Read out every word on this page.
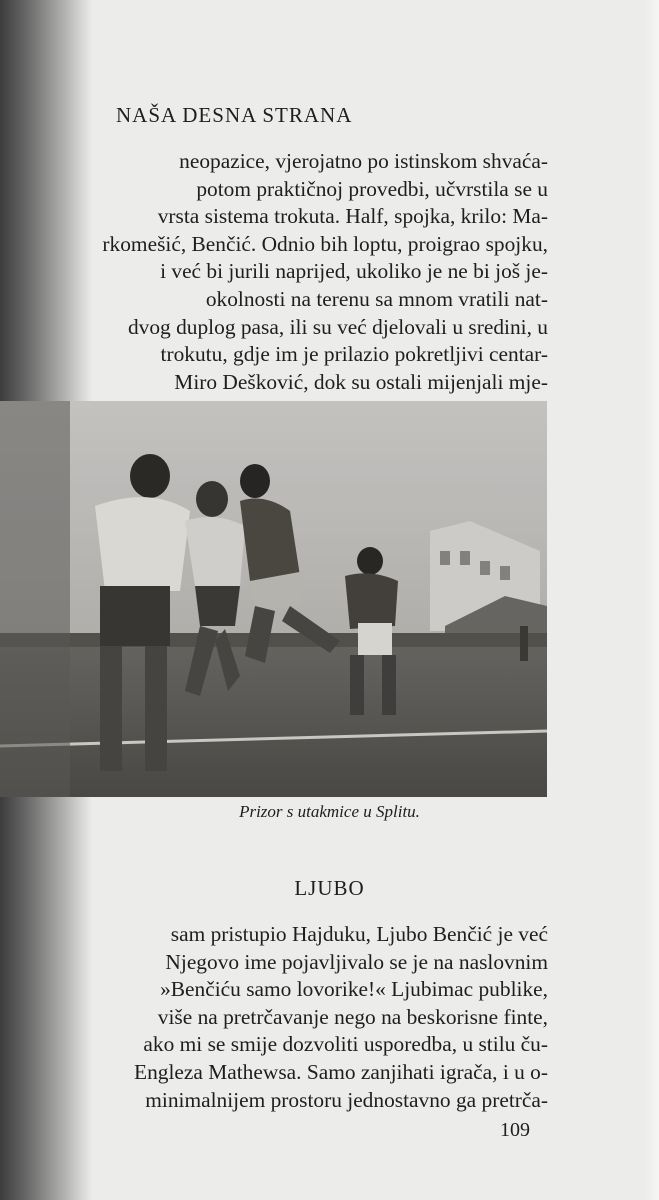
NAŠA DESNA STRANA
neopazice, vjerojatno po istinskom shvaća-
potom praktičnoj provedbi, učvrstila se u
vrsta sistema trokuta. Half, spojka, krilo: Ma-
rkomešić, Benčić. Odnio bih loptu, proigrao spojku,
i već bi jurili naprijed, ukoliko je ne bi još je-
okolnosti na terenu sa mnom vratili nat-
dvog duplog pasa, ili su već djelovali u sredini, u
trokutu, gdje im je prilazio pokretljivi centar-
Miro Dešković, dok su ostali mijenjali mje-
Prizor s utakmice u Splitu.
LJUBO
sam pristupio Hajduku, Ljubo Benčić je već
Njegovo ime pojavljivalo se je na naslovnim
»Benčiću samo lovorike!« Ljubimac publike,
više na pretrčavanje nego na beskorisne finte,
ako mi se smije dozvoliti usporedba, u stilu ču-
Engleza Mathewsa. Samo zanjihati igrača, i u o-
minimalnijem prostoru jednostavno ga pretrča-
109
